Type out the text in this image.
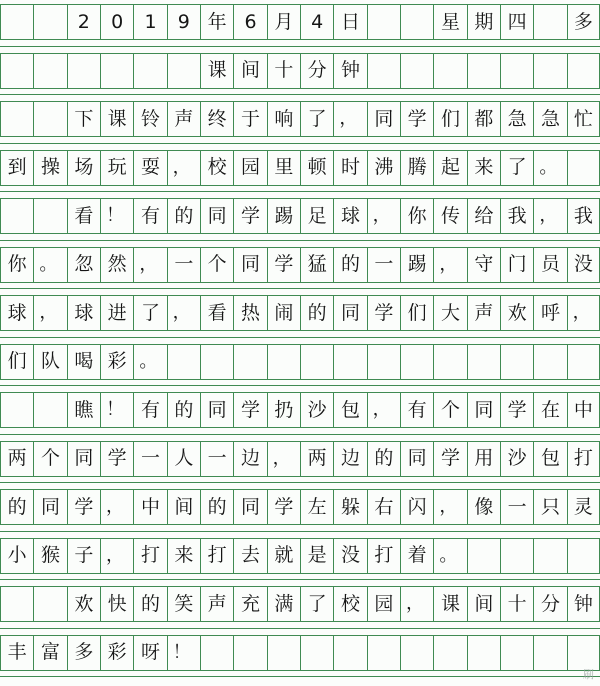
2	0	1	9 年 6 月 4 日	星 期 四	多
课 间 十 分 钟
下 课 铃 声 终 于 响 了 ， 同 学 们 都 急 急 忙
到 操 场 玩 耍 ， 校 园 里 顿 时 沸 腾 起 来 了 。
看 ！ 有 的 同 学 踢 足 球 ， 你 传 给 我 ， 我
你 。 忽 然 ， 一 个 同 学 猛 的 一 踢 ， 守 门 员 没
球 ， 球 进 了 ， 看 热 闹 的 同 学 们 大 声 欢 呼 ，
们 队 喝 彩 。
瞧 ！ 有 的 同 学 扔 沙 包 ， 有 个 同 学 在 中
两 个 同 学 一 人 一 边 ， 两 边 的 同 学 用 沙 包 打
的 同 学 ， 中 间 的 同 学 左 躲 右 闪 ， 像 一 只 灵
小 猴 子 ， 打 来 打 去 就 是 没 打 着 。
欢 快 的 笑 声 充 满 了 校 园 ， 课 间 十 分 钟
丰 富 多 彩 呀 ！
刷
